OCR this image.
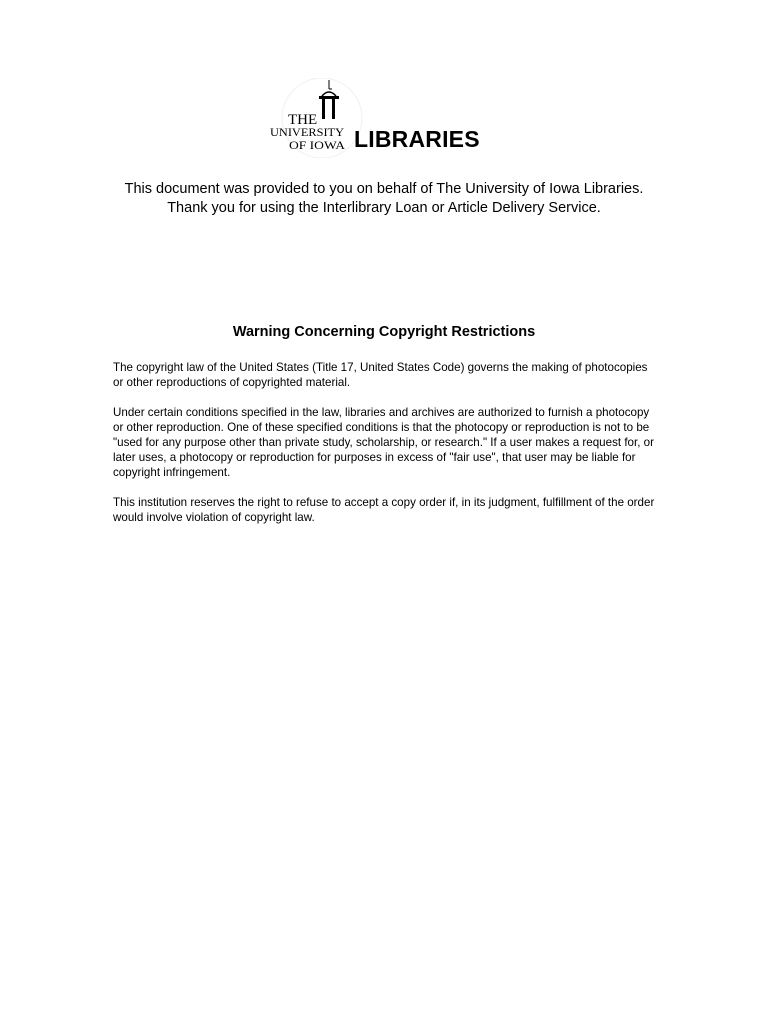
THE
UNIVERSITY
OF IOWA LIBRARIES

This document was provided to you on behalf of The University of Iowa Libraries.

Thank you for using the Interlibrary Loan or Article Delivery Service.

Warning Concerning Copyright Restrictions

The copyright law of the United States (Title 17, United States Code) governs the making of photocopies or other reproductions of copyrighted material.

Under certain conditions specified in the law, libraries and archives are authorized to furnish a photocopy or other reproduction. One of these specified conditions is that the photocopy or reproduction is not to be "used for any purpose other than private study, scholarship, or research." If a user makes a request for, or later uses, a photocopy or reproduction for purposes in excess of "fair use", that user may be liable for copyright infringement.

This institution reserves the right to refuse to accept a copy order if, in its judgment, fulfillment of the order would involve violation of copyright law.
